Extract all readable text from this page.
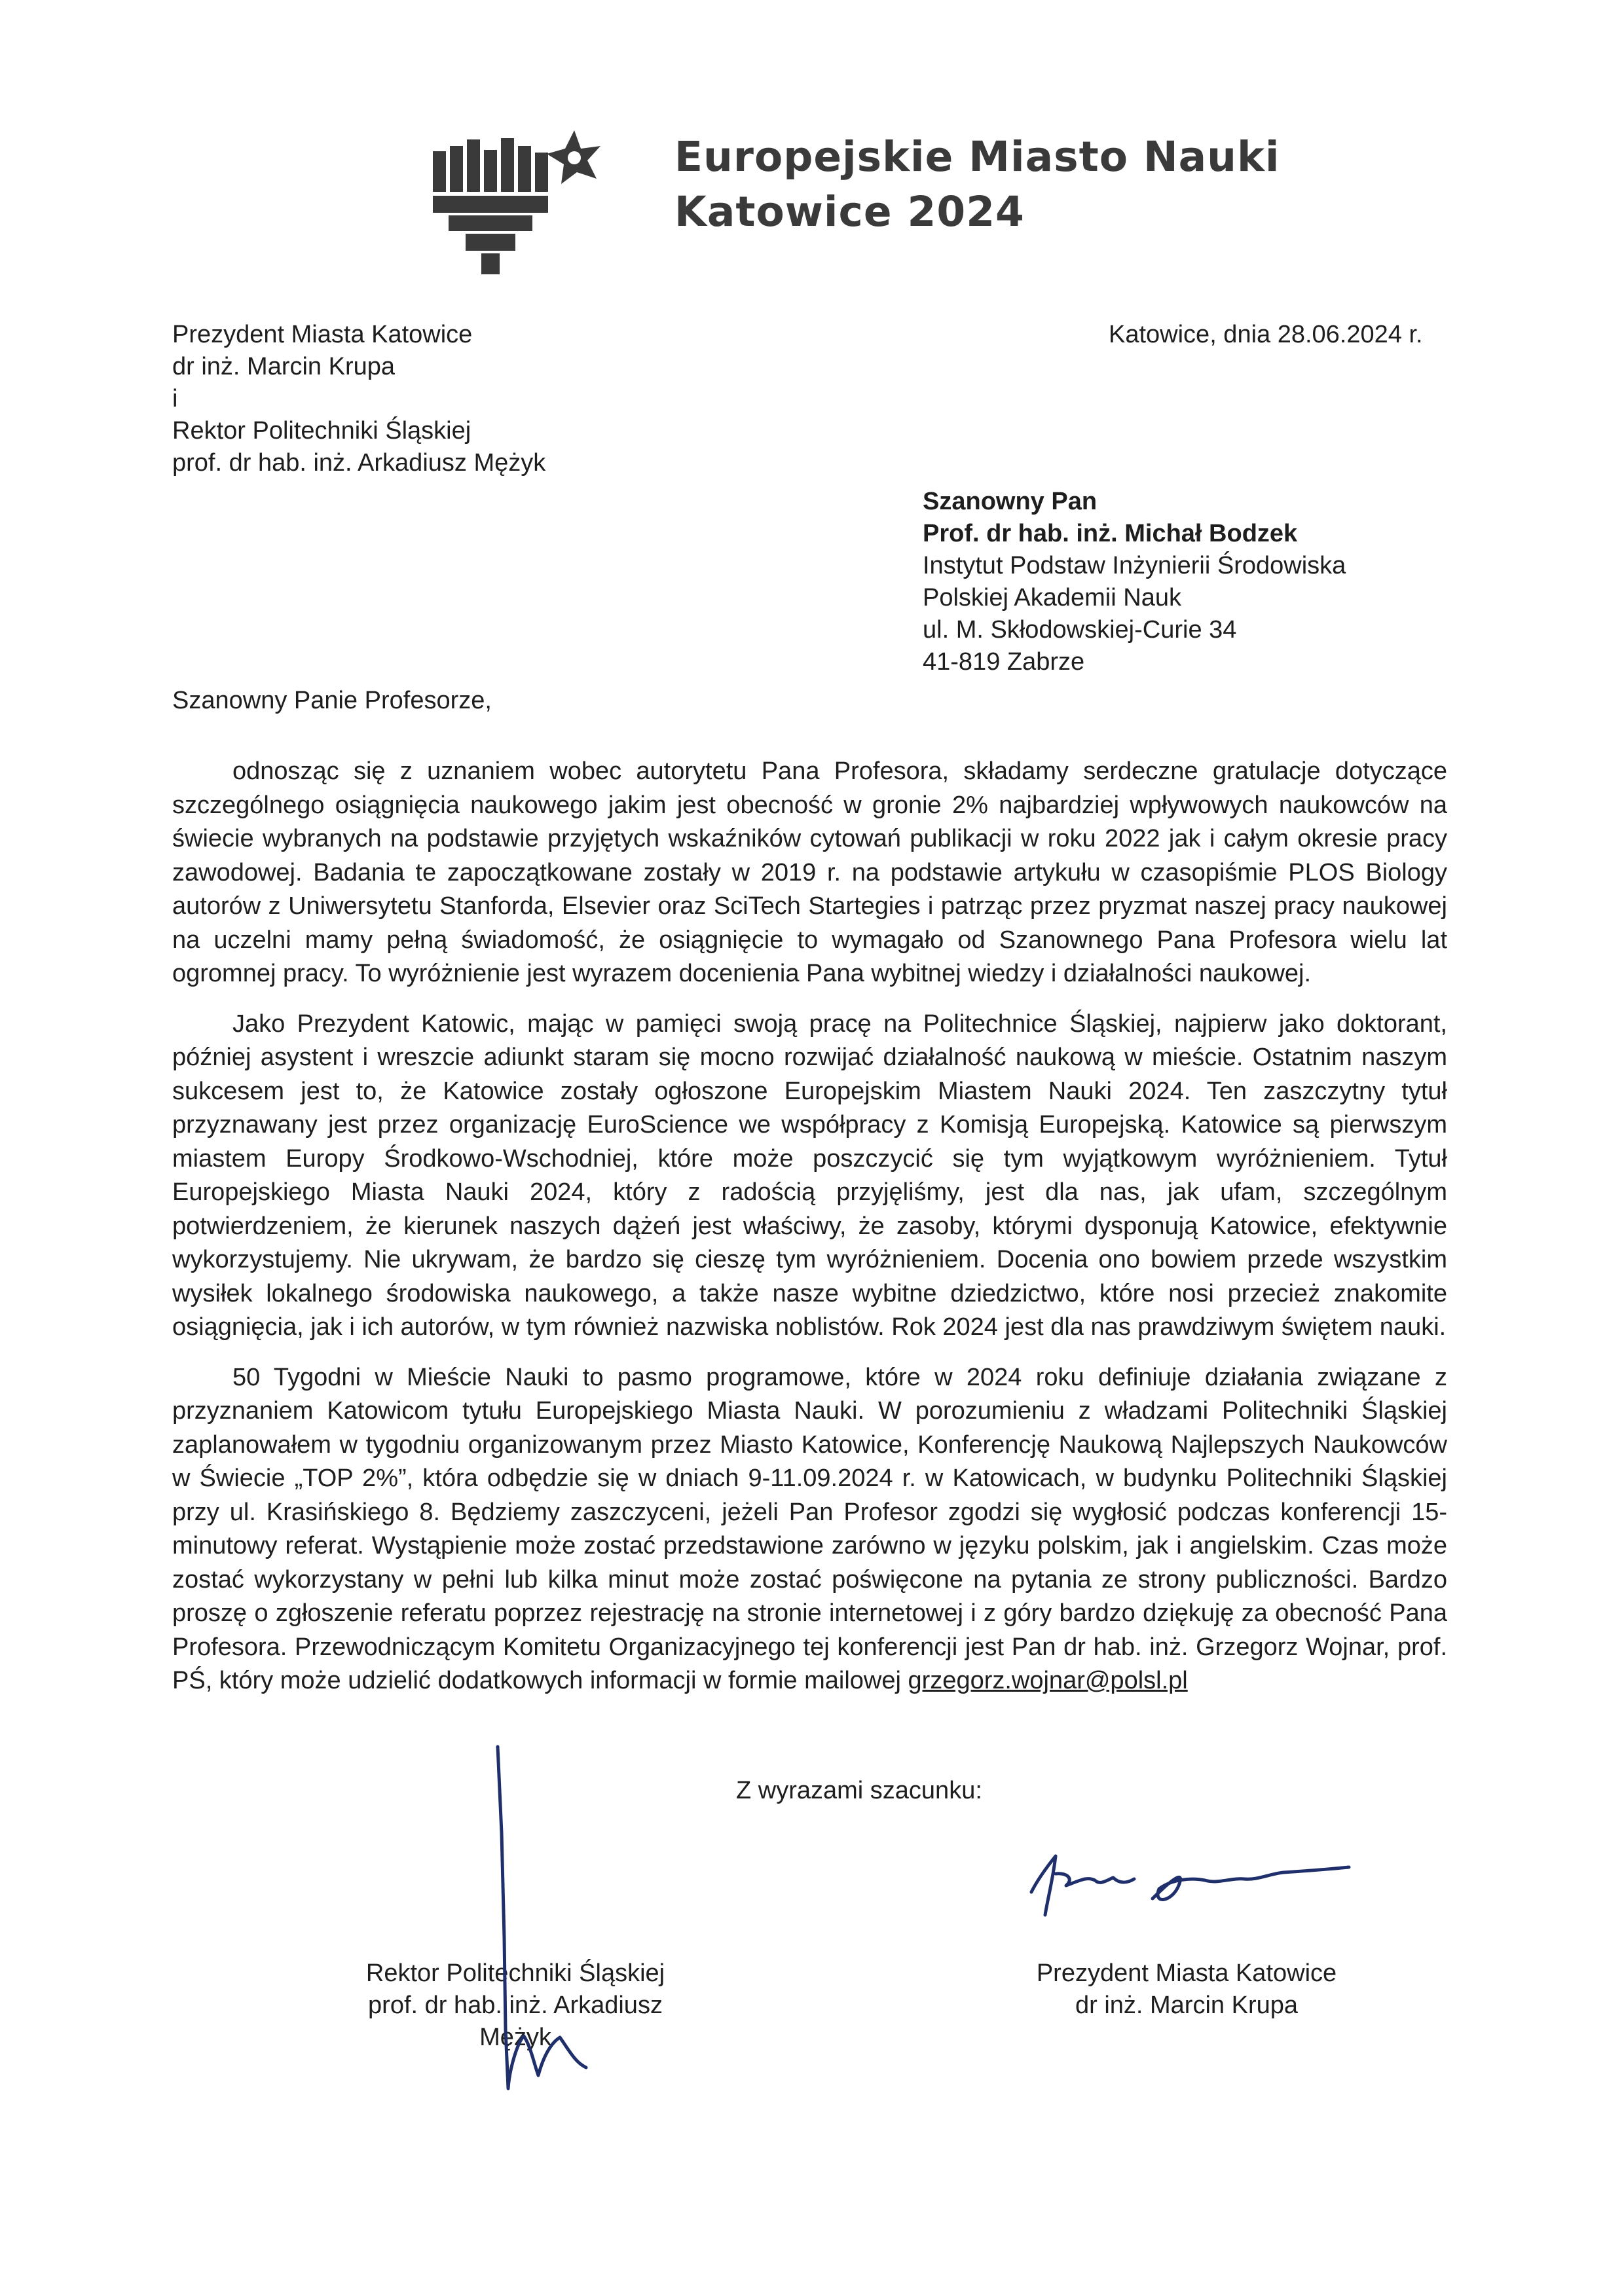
Europejskie Miasto Nauki
Katowice 2024
Prezydent Miasta Katowice
dr inż. Marcin Krupa
i
Rektor Politechniki Śląskiej
prof. dr hab. inż. Arkadiusz Mężyk
Katowice, dnia 28.06.2024 r.
Szanowny Pan
Prof. dr hab. inż. Michał Bodzek
Instytut Podstaw Inżynierii Środowiska
Polskiej Akademii Nauk
ul. M. Skłodowskiej-Curie 34
41-819 Zabrze
Szanowny Panie Profesorze,

odnosząc się z uznaniem wobec autorytetu Pana Profesora, składamy serdeczne gratulacje dotyczące szczególnego osiągnięcia naukowego jakim jest obecność w gronie 2% najbardziej wpływowych naukowców na świecie wybranych na podstawie przyjętych wskaźników cytowań publikacji w roku 2022 jak i całym okresie pracy zawodowej. Badania te zapoczątkowane zostały w 2019 r. na podstawie artykułu w czasopiśmie PLOS Biology autorów z Uniwersytetu Stanforda, Elsevier oraz SciTech Startegies i patrząc przez pryzmat naszej pracy naukowej na uczelni mamy pełną świadomość, że osiągnięcie to wymagało od Szanownego Pana Profesora wielu lat ogromnej pracy. To wyróżnienie jest wyrazem docenienia Pana wybitnej wiedzy i działalności naukowej.

Jako Prezydent Katowic, mając w pamięci swoją pracę na Politechnice Śląskiej, najpierw jako doktorant, później asystent i wreszcie adiunkt staram się mocno rozwijać działalność naukową w mieście. Ostatnim naszym sukcesem jest to, że Katowice zostały ogłoszone Europejskim Miastem Nauki 2024. Ten zaszczytny tytuł przyznawany jest przez organizację EuroScience we współpracy z Komisją Europejską. Katowice są pierwszym miastem Europy Środkowo-Wschodniej, które może poszczycić się tym wyjątkowym wyróżnieniem. Tytuł Europejskiego Miasta Nauki 2024, który z radością przyjęliśmy, jest dla nas, jak ufam, szczególnym potwierdzeniem, że kierunek naszych dążeń jest właściwy, że zasoby, którymi dysponują Katowice, efektywnie wykorzystujemy. Nie ukrywam, że bardzo się cieszę tym wyróżnieniem. Docenia ono bowiem przede wszystkim wysiłek lokalnego środowiska naukowego, a także nasze wybitne dziedzictwo, które nosi przecież znakomite osiągnięcia, jak i ich autorów, w tym również nazwiska noblistów. Rok 2024 jest dla nas prawdziwym świętem nauki.

50 Tygodni w Mieście Nauki to pasmo programowe, które w 2024 roku definiuje działania związane z przyznaniem Katowicom tytułu Europejskiego Miasta Nauki. W porozumieniu z władzami Politechniki Śląskiej zaplanowałem w tygodniu organizowanym przez Miasto Katowice, Konferencję Naukową Najlepszych Naukowców w Świecie „TOP 2%”, która odbędzie się w dniach 9-11.09.2024 r. w Katowicach, w budynku Politechniki Śląskiej przy ul. Krasińskiego 8. Będziemy zaszczyceni, jeżeli Pan Profesor zgodzi się wygłosić podczas konferencji 15-minutowy referat. Wystąpienie może zostać przedstawione zarówno w języku polskim, jak i angielskim. Czas może zostać wykorzystany w pełni lub kilka minut może zostać poświęcone na pytania ze strony publiczności. Bardzo proszę o zgłoszenie referatu poprzez rejestrację na stronie internetowej i z góry bardzo dziękuję za obecność Pana Profesora. Przewodniczącym Komitetu Organizacyjnego tej konferencji jest Pan dr hab. inż. Grzegorz Wojnar, prof. PŚ, który może udzielić dodatkowych informacji w formie mailowej grzegorz.wojnar@polsl.pl

Z wyrazami szacunku:
Rektor Politechniki Śląskiej
prof. dr hab. inż. Arkadiusz Mężyk
Prezydent Miasta Katowice
dr inż. Marcin Krupa
